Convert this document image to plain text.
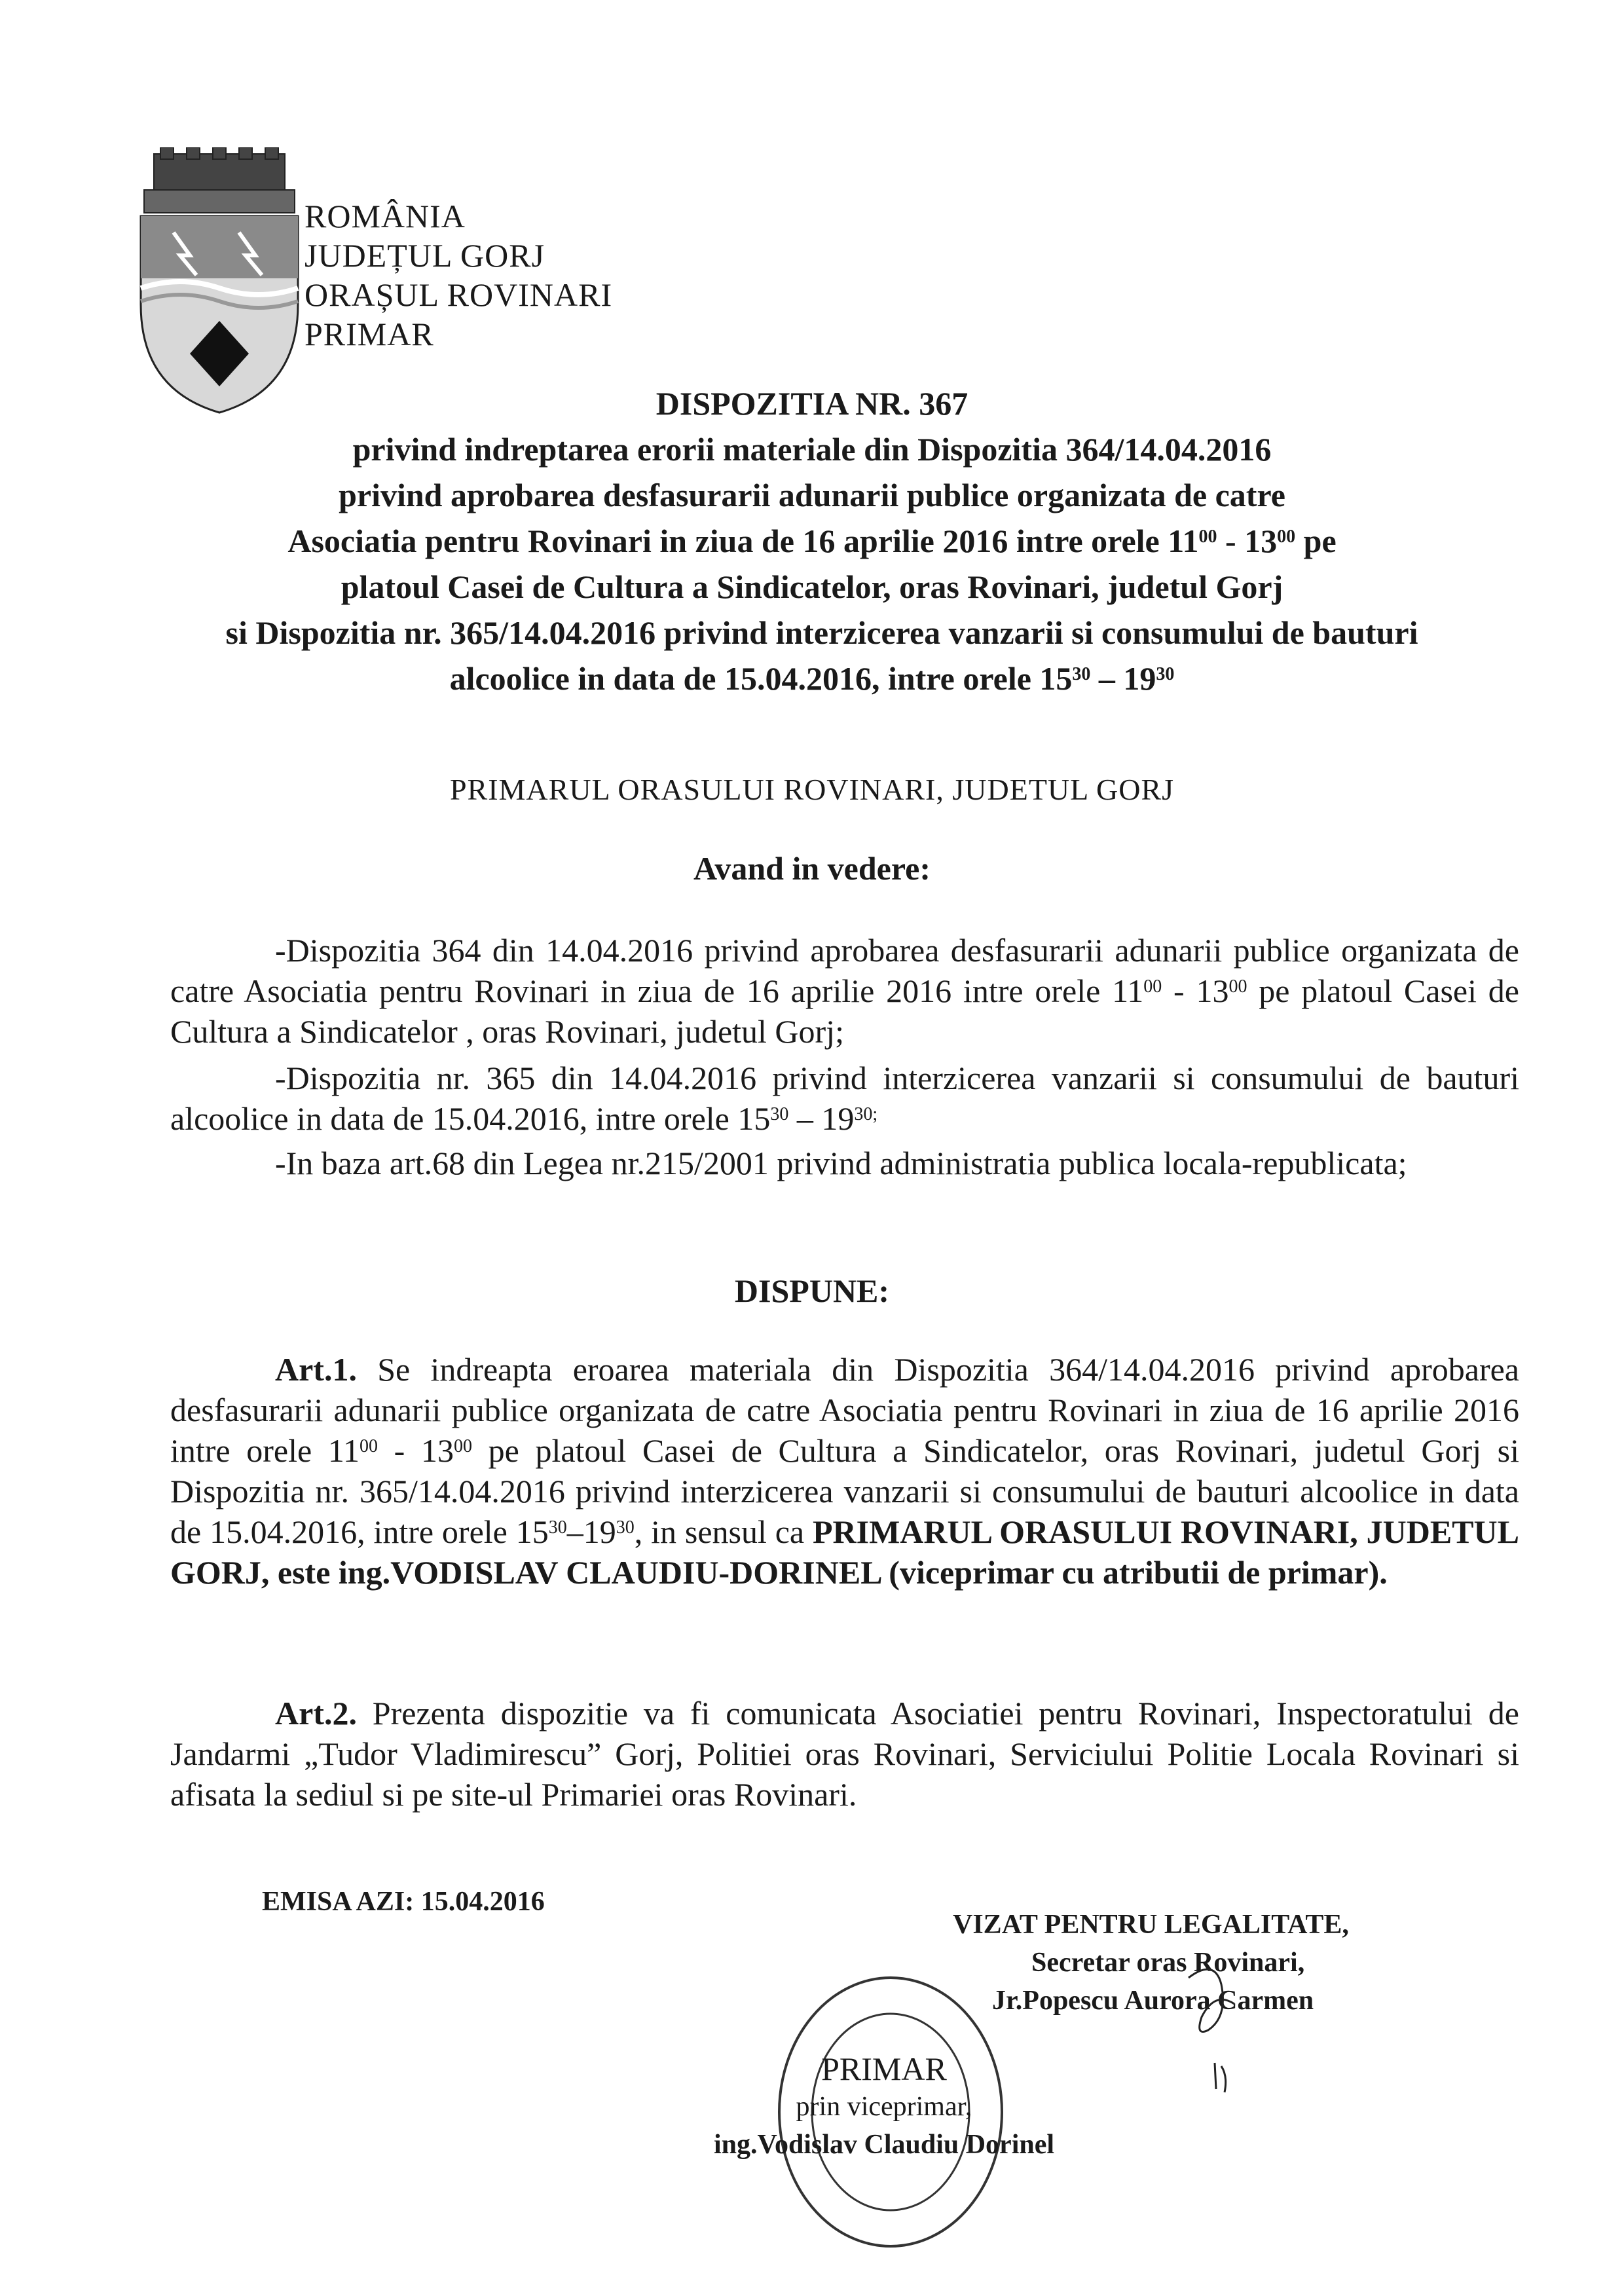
ROMÂNIA
JUDEȚUL GORJ
ORAȘUL ROVINARI
PRIMAR
DISPOZITIA NR. 367
privind indreptarea erorii materiale din Dispozitia 364/14.04.2016
privind aprobarea desfasurarii adunarii publice organizata de catre
Asociatia pentru Rovinari in ziua de 16 aprilie 2016 intre orele $11^{00} - 13^{00}$ pe
platoul Casei de Cultura a Sindicatelor, oras Rovinari, judetul Gorj
si Dispozitia nr. 365/14.04.2016 privind interzicerea vanzarii si consumului de bauturi
alcoolice in data de 15.04.2016, intre orele $15^{30} - 19^{30}$
PRIMARUL ORASULUI ROVINARI, JUDETUL GORJ
Avand in vedere:
-Dispozitia 364 din 14.04.2016 privind aprobarea desfasurarii adunarii publice organizata de catre Asociatia pentru Rovinari in ziua de 16 aprilie 2016 intre orele $11^{00} - 13^{00}$ pe platoul Casei de Cultura a Sindicatelor , oras Rovinari, judetul Gorj;
-Dispozitia nr. 365 din 14.04.2016 privind interzicerea vanzarii si consumului de bauturi alcoolice in data de 15.04.2016, intre orele $15^{30} - 19^{30;}$
-In baza art.68 din Legea nr.215/2001 privind administratia publica locala-republicata;
DISPUNE:
Art.1. Se indreapta eroarea materiala din Dispozitia 364/14.04.2016 privind aprobarea desfasurarii adunarii publice organizata de catre Asociatia pentru Rovinari in ziua de 16 aprilie 2016 intre orele $11^{00} - 13^{00}$ pe platoul Casei de Cultura a Sindicatelor, oras Rovinari, judetul Gorj si Dispozitia nr. 365/14.04.2016 privind interzicerea vanzarii si consumului de bauturi alcoolice in data de 15.04.2016, intre orele $15^{30}-19^{30}$, in sensul ca PRIMARUL ORASULUI ROVINARI, JUDETUL GORJ, este ing.VODISLAV CLAUDIU-DORINEL (viceprimar cu atributii de primar).
Art.2. Prezenta dispozitie va fi comunicata Asociatiei pentru Rovinari, Inspectoratului de Jandarmi „Tudor Vladimirescu” Gorj, Politiei oras Rovinari, Serviciului Politie Locala Rovinari si afisata la sediul si pe site-ul Primariei oras Rovinari.
EMISA AZI: 15.04.2016
VIZAT PENTRU LEGALITATE,
Secretar oras Rovinari,
Jr.Popescu Aurora Carmen
PRIMAR
prin viceprimar,
ing.Vodislav Claudiu Dorinel
